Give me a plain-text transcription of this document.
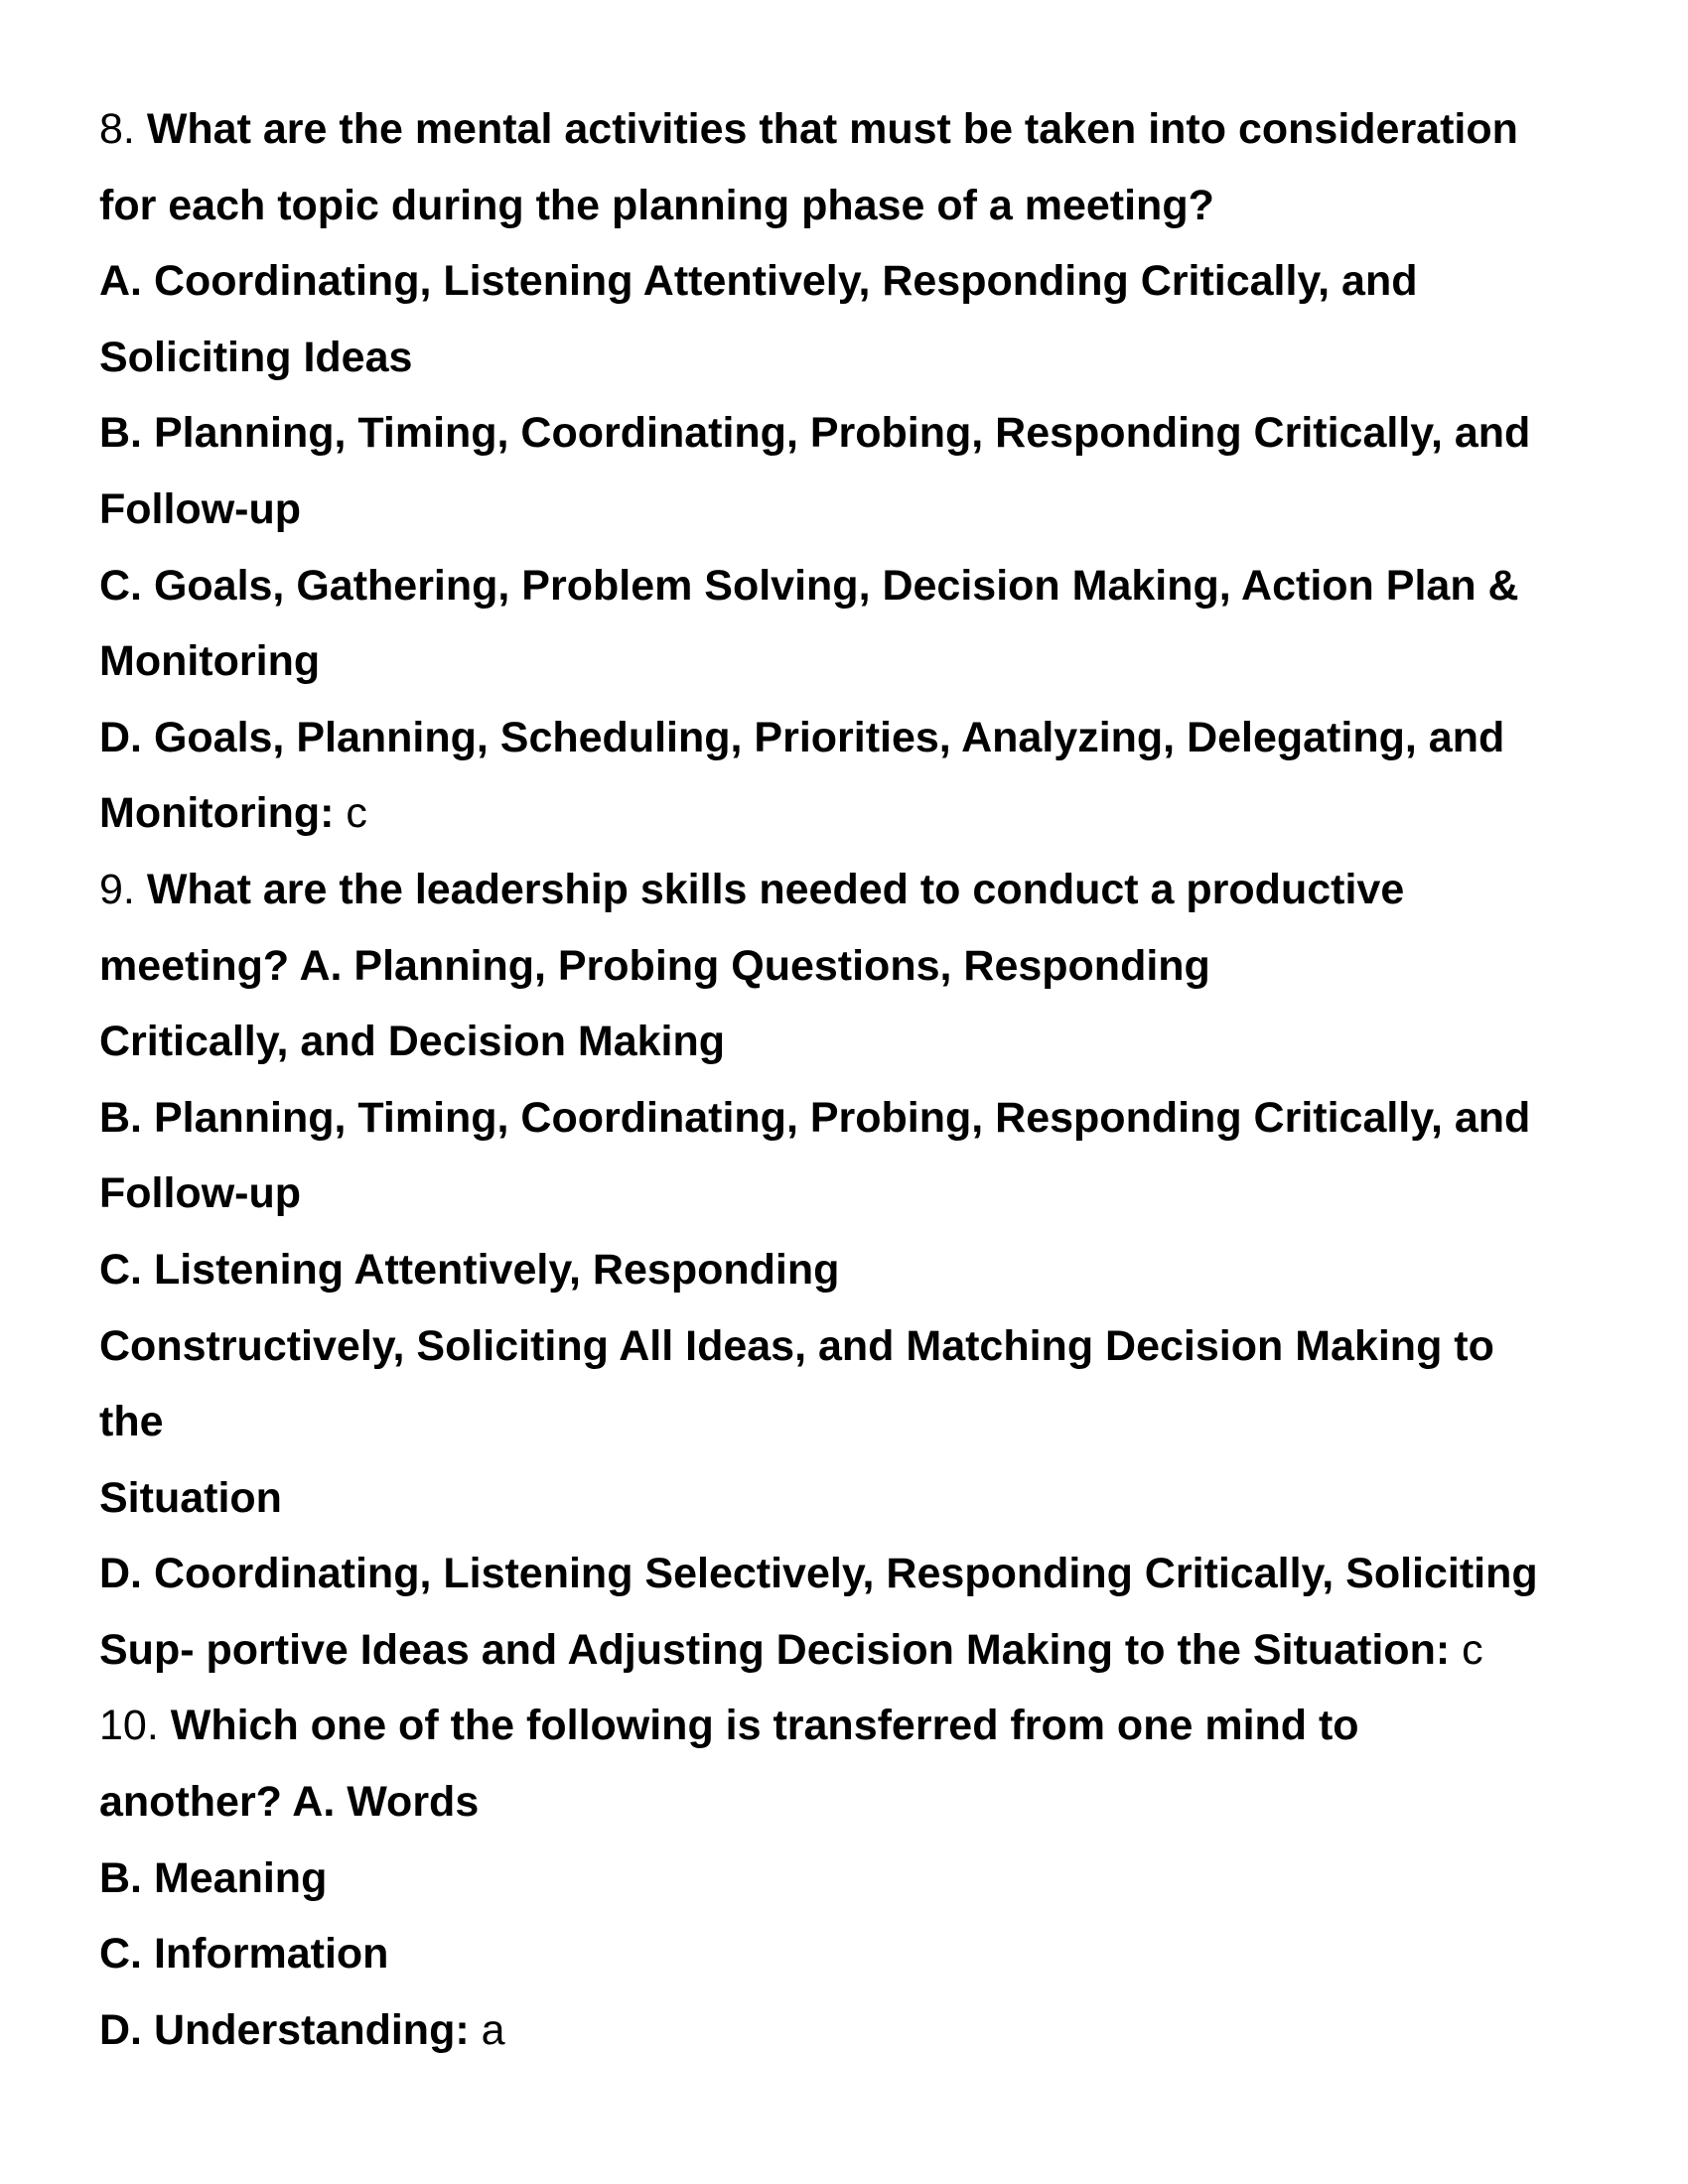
8. What are the mental activities that must be taken into consideration
for each topic during the planning phase of a meeting?
A. Coordinating, Listening Attentively, Responding Critically, and
Soliciting Ideas
B. Planning, Timing, Coordinating, Probing, Responding Critically, and
Follow-up
C. Goals, Gathering, Problem Solving, Decision Making, Action Plan &
Monitoring
D. Goals, Planning, Scheduling, Priorities, Analyzing, Delegating, and
Monitoring: c
9. What are the leadership skills needed to conduct a productive
meeting? A. Planning, Probing Questions, Responding
Critically, and Decision Making
B. Planning, Timing, Coordinating, Probing, Responding Critically, and
Follow-up
C. Listening Attentively, Responding
Constructively, Soliciting All Ideas, and Matching Decision Making to
the
Situation
D. Coordinating, Listening Selectively, Responding Critically, Soliciting
Sup- portive Ideas and Adjusting Decision Making to the Situation: c
10. Which one of the following is transferred from one mind to
another? A. Words
B. Meaning
C. Information
D. Understanding: a
